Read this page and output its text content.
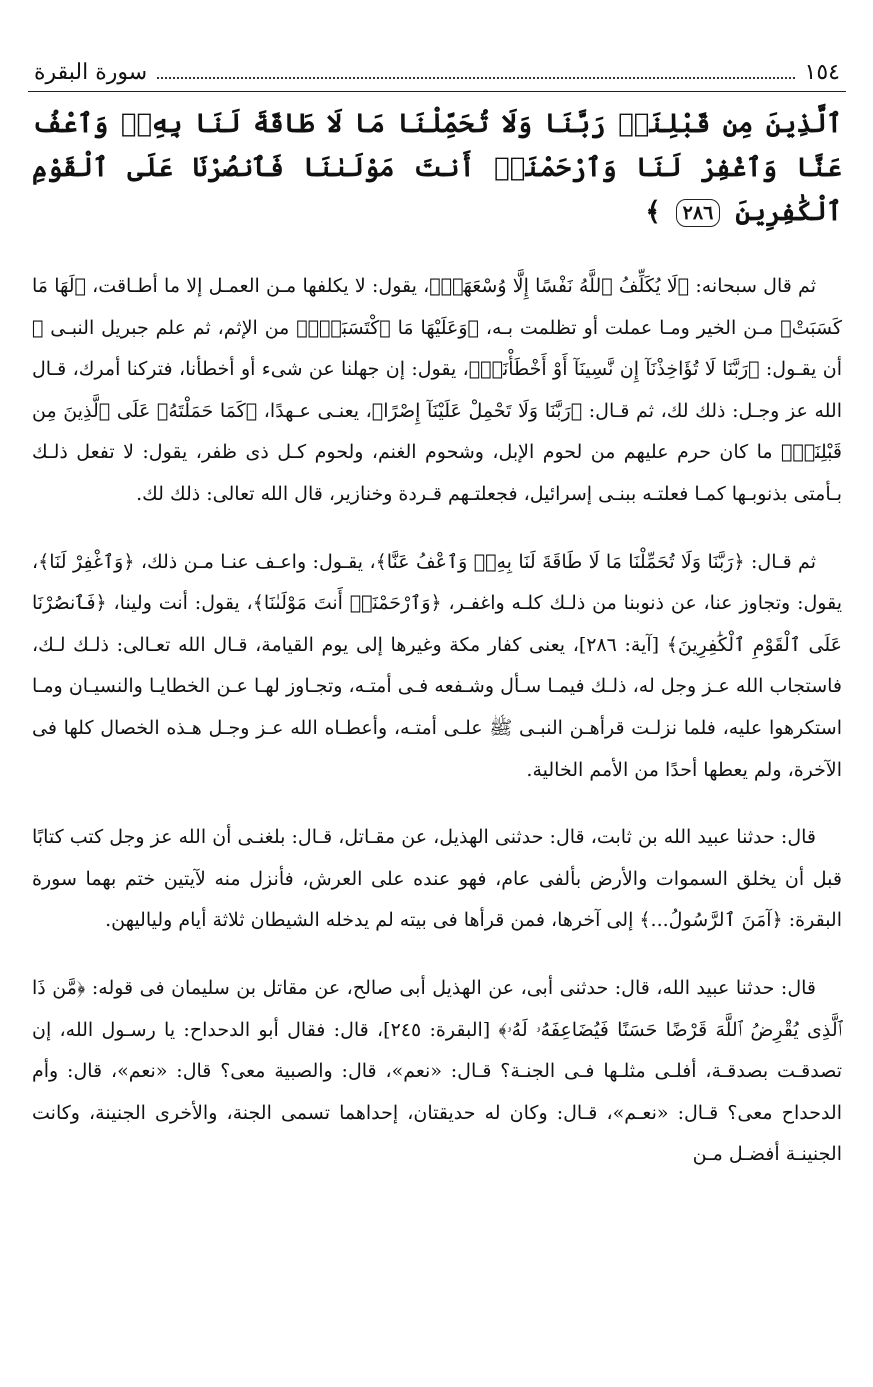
١٥٤
سورة البقرة
ٱلَّذِينَ مِن قَبْلِنَاۚ رَبَّنَا وَلَا تُحَمِّلْنَا مَا لَا طَاقَةَ لَنَا بِهِۦۖ وَٱعْفُ عَنَّا وَٱغْفِرْ لَنَا وَٱرْحَمْنَآۚ أَنتَ مَوْلَىٰنَا فَٱنصُرْنَا عَلَى ٱلْقَوْمِ ٱلْكَٰفِرِينَ ٢٨٦ ﴾

ثم قال سبحانه: ﴿لَا يُكَلِّفُ ٱللَّهُ نَفْسًا إِلَّا وُسْعَهَاۚ﴾، يقول: لا يكلفها مـن العمـل إلا ما أطـاقت، ﴿لَهَا مَا كَسَبَتْ﴾ مـن الخير ومـا عملت أو تظلمت بـه، ﴿وَعَلَيْهَا مَا ٱكْتَسَبَتْۗ﴾ من الإثم، ثم علم جبريل النبـى ﷺ أن يقـول: ﴿رَبَّنَا لَا تُؤَاخِذْنَآ إِن نَّسِينَآ أَوْ أَخْطَأْنَاۚ﴾، يقول: إن جهلنا عن شىء أو أخطأنا، فتركنا أمرك، قـال الله عز وجـل: ذلك لك، ثم قـال: ﴿رَبَّنَا وَلَا تَحْمِلْ عَلَيْنَآ إِصْرًا﴾، يعنـى عـهدًا، ﴿كَمَا حَمَلْتَهُۥ عَلَى ٱلَّذِينَ مِن قَبْلِنَاۚ﴾ ما كان حرم عليهم من لحوم الإبل، وشحوم الغنم، ولحوم كـل ذى ظفر، يقول: لا تفعل ذلـك بـأمتى بذنوبـها كمـا فعلتـه ببنـى إسرائيل، فجعلتـهم قـردة وخنازير، قال الله تعالى: ذلك لك.

ثم قـال: ﴿رَبَّنَا وَلَا تُحَمِّلْنَا مَا لَا طَاقَةَ لَنَا بِهِۦۖ وَٱعْفُ عَنَّا﴾، يقـول: واعـف عنـا مـن ذلك، ﴿وَٱغْفِرْ لَنَا﴾، يقول: وتجاوز عنا، عن ذنوبنا من ذلـك كلـه واغفـر، ﴿وَٱرْحَمْنَآۚ أَنتَ مَوْلَىٰنَا﴾، يقول: أنت ولينا، ﴿فَٱنصُرْنَا عَلَى ٱلْقَوْمِ ٱلْكَٰفِرِينَ﴾ [آية: ٢٨٦]، يعنى كفار مكة وغيرها إلى يوم القيامة، قـال الله تعـالى: ذلـك لـك، فاستجاب الله عـز وجل له، ذلـك فيمـا سـأل وشـفعه فـى أمتـه، وتجـاوز لهـا عـن الخطايـا والنسيـان ومـا استكرهوا عليه، فلما نزلـت قرأهـن النبـى ﷺ علـى أمتـه، وأعطـاه الله عـز وجـل هـذه الخصال كلها فى الآخرة، ولم يعطها أحدًا من الأمم الخالية.

قال: حدثنا عبيد الله بن ثابت، قال: حدثنى الهذيل، عن مقـاتل، قـال: بلغنـى أن الله عز وجل كتب كتابًا قبل أن يخلق السموات والأرض بألفى عام، فهو عنده على العرش، فأنزل منه لآيتين ختم بهما سورة البقرة: ﴿آمَنَ ٱلرَّسُولُ...﴾ إلى آخرها، فمن قرأها فى بيته لم يدخله الشيطان ثلاثة أيام ولياليهن.

قال: حدثنا عبيد الله، قال: حدثنى أبى، عن الهذيل أبى صالح، عن مقاتل بن سليمان فى قوله: ﴿مَّن ذَا ٱلَّذِى يُقْرِضُ ٱللَّهَ قَرْضًا حَسَنًا فَيُضَاعِفَهُۥ لَهُۥ﴾ [البقرة: ٢٤٥]، قال: فقال أبو الدحداح: يا رسـول الله، إن تصدقـت بصدقـة، أفلـى مثلـها فـى الجنـة؟ قـال: «نعم»، قال: والصبية معى؟ قال: «نعم»، قال: وأم الدحداح معى؟ قـال: «نعـم»، قـال: وكان له حديقتان، إحداهما تسمى الجنة، والأخرى الجنينة، وكانت الجنينـة أفضـل مـن
